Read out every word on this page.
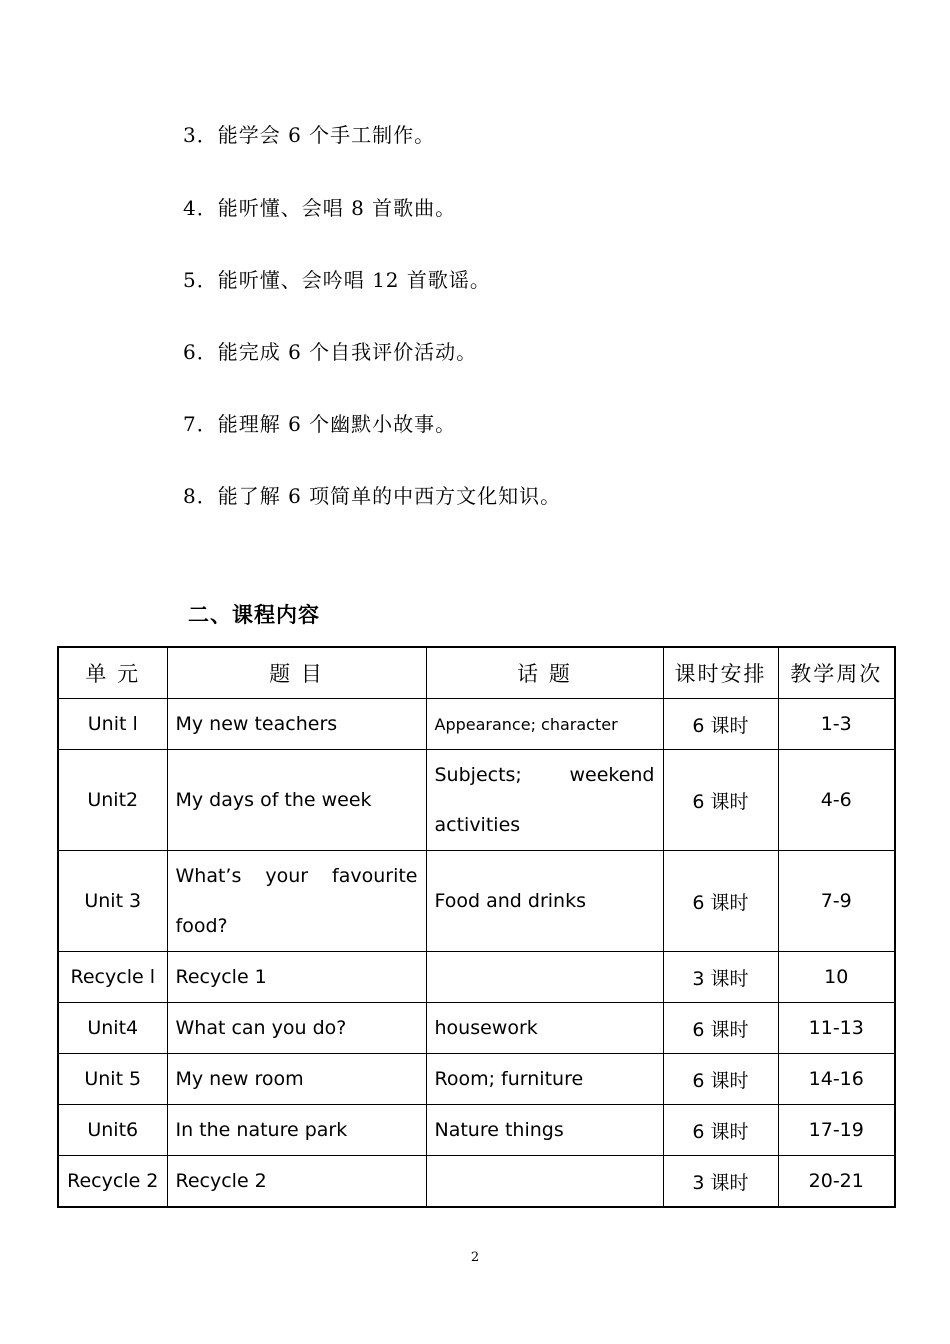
3．能学会 6 个手工制作。
4．能听懂、会唱 8 首歌曲。
5．能听懂、会吟唱 12 首歌谣。
6．能完成 6 个自我评价活动。
7．能理解 6 个幽默小故事。
8．能了解 6 项简单的中西方文化知识。
二、课程内容
单 元	题 目	话 题	课时安排	教学周次
Unit l	My new teachers	Appearance; character	6 课时	1-3
Unit2	My days of the week	Subjects; weekend activities	6 课时	4-6
Unit 3	What’s your favourite food?	Food and drinks	6 课时	7-9
Recycle l	Recycle 1		3 课时	10
Unit4	What can you do?	housework	6 课时	11-13
Unit 5	My new room	Room; furniture	6 课时	14-16
Unit6	In the nature park	Nature things	6 课时	17-19
Recycle 2	Recycle 2		3 课时	20-21
2
